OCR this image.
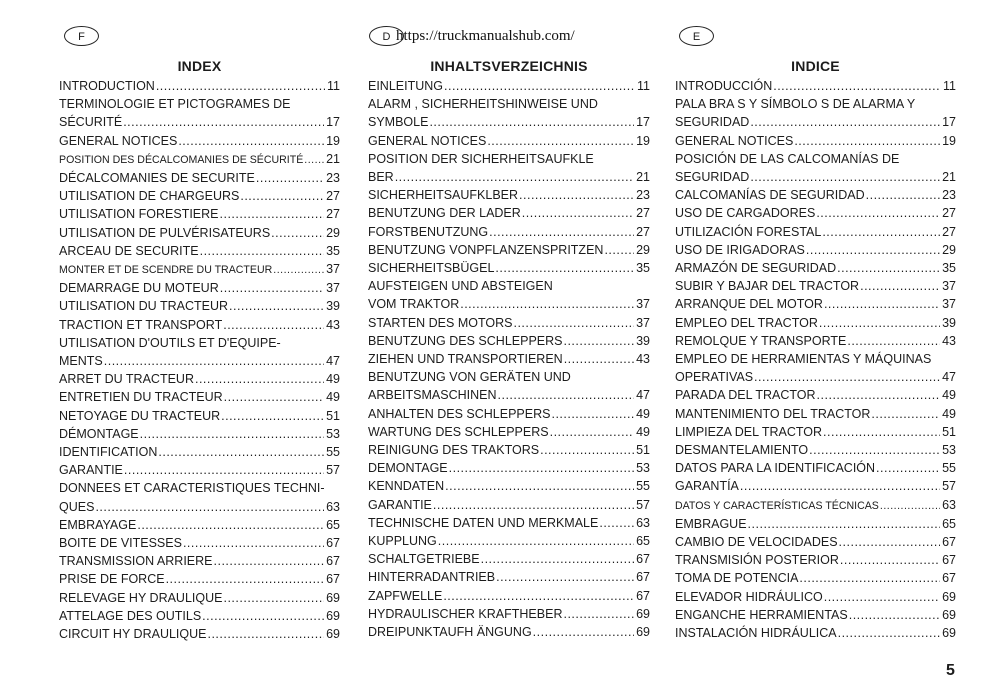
F
INDEX
INTRODUCTION .....	11
TERMINOLOGIE ET PICTOGRAMES DE
SÉCURITÉ .....	17
GENERAL NOTICES .....	19
POSITION DES DÉCALCOMANIES DE SÉCURITÉ ..... 21
DÉCALCOMANIES DE SECURITE .....	23
UTILISATION DE CHARGEURS .....	27
UTILISATION FORESTIERE .....	27
UTILISATION DE PULVÉRISATEURS .....	29
ARCEAU DE SECURITE .....	35
MONTER ET DE SCENDRE DU TRACTEUR .....	37
DEMARRAGE DU MOTEUR .....	37
UTILISATION DU TRACTEUR .....	39
TRACTION ET TRANSPORT .....	43
UTILISATION D'OUTILS ET D'EQUIPE-
MENTS .....	47
ARRET DU TRACTEUR .....	49
ENTRETIEN DU TRACTEUR .....	49
NETOYAGE DU TRACTEUR .....	51
DÉMONTAGE .....	53
IDENTIFICATION .....	55
GARANTIE .....	57
DONNEES ET CARACTERISTIQUES TECHNI-
QUES .....	63
EMBRAYAGE .....	65
BOITE DE VITESSES .....	67
TRANSMISSION ARRIERE .....	67
PRISE DE FORCE .....	67
RELEVAGE HY DRAULIQUE .....	69
ATTELAGE DES OUTILS .....	69
CIRCUIT HY DRAULIQUE .....	69
https://truckmanualshub.com/
D
INHALTSVERZEICHNIS
EINLEITUNG .....	11
ALARM , SICHERHEITSHINWEISE UND
SYMBOLE .....	17
GENERAL NOTICES .....	19
POSITION DER SICHERHEITSAUFKLE
BER .....	21
SICHERHEITSAUFKLBER .....	23
BENUTZUNG DER LADER .....	27
FORSTBENUTZUNG .....	27
BENUTZUNG VONPFLANZENSPRITZEN .....	29
SICHERHEITSBÜGEL .....	35
AUFSTEIGEN UND ABSTEIGEN
VOM TRAKTOR .....	37
STARTEN DES MOTORS .....	37
BENUTZUNG DES SCHLEPPERS .....	39
ZIEHEN UND TRANSPORTIEREN .....	43
BENUTZUNG VON GERÄTEN UND
ARBEITSMASCHINEN .....	47
ANHALTEN DES SCHLEPPERS .....	49
WARTUNG DES SCHLEPPERS .....	49
REINIGUNG DES TRAKTORS .....	51
DEMONTAGE .....	53
KENNDATEN .....	55
GARANTIE .....	57
TECHNISCHE DATEN UND MERKMALE .....	63
KUPPLUNG .....	65
SCHALTGETRIEBE .....	67
HINTERRADANTRIEB .....	67
ZAPFWELLE .....	67
HYDRAULISCHER KRAFTHEBER .....	69
DREIPUNKTAUFH ÄNGUNG .....	69
E
INDICE
INTRODUCCIÓN .....	11
PALA BRA S Y SÍMBOLO S DE ALARMA Y
SEGURIDAD .....	17
GENERAL NOTICES .....	19
POSICIÓN DE LAS CALCOMANÍAS DE
SEGURIDAD .....	21
CALCOMANÍAS DE SEGURIDAD .....	23
USO DE CARGADORES .....	27
UTILIZACIÓN FORESTAL .....	27
USO DE IRIGADORAS .....	29
ARMAZÓN DE SEGURIDAD .....	35
SUBIR Y BAJAR DEL TRACTOR .....	37
ARRANQUE DEL MOTOR .....	37
EMPLEO DEL TRACTOR .....	39
REMOLQUE Y TRANSPORTE .....	43
EMPLEO DE HERRAMIENTAS Y MÁQUINAS
OPERATIVAS .....	47
PARADA DEL TRACTOR .....	49
MANTENIMIENTO DEL TRACTOR .....	49
LIMPIEZA DEL TRACTOR .....	51
DESMANTELAMIENTO .....	53
DATOS PARA LA IDENTIFICACIÓN .....	55
GARANTÍA .....	57
DATOS Y CARACTERÍSTICAS TÉCNICAS .....	63
EMBRAGUE .....	65
CAMBIO DE VELOCIDADES .....	67
TRANSMISIÓN POSTERIOR .....	67
TOMA DE POTENCIA .....	67
ELEVADOR HIDRÁULICO .....	69
ENGANCHE HERRAMIENTAS .....	69
INSTALACIÓN HIDRÁULICA .....	69
5
